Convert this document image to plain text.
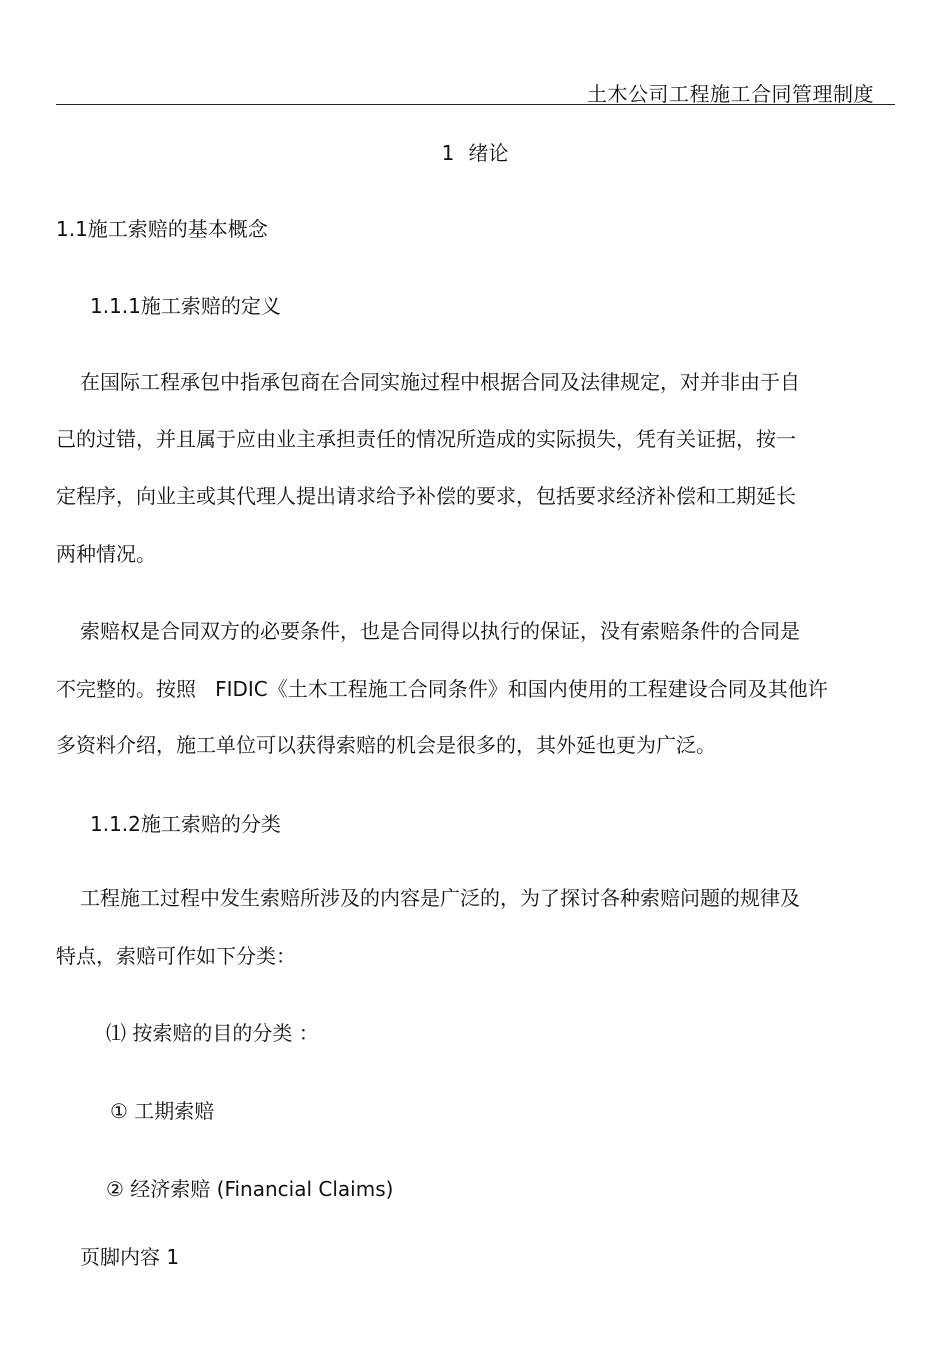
土木公司工程施工合同管理制度
1 绪论
1.1施工索赔的基本概念
1.1.1施工索赔的定义
在国际工程承包中指承包商在合同实施过程中根据合同及法律规定，对并非由于自
己的过错，并且属于应由业主承担责任的情况所造成的实际损失，凭有关证据，按一
定程序，向业主或其代理人提出请求给予补偿的要求，包括要求经济补偿和工期延长
两种情况。
索赔权是合同双方的必要条件，也是合同得以执行的保证，没有索赔条件的合同是
不完整的。按照   FIDIC《土木工程施工合同条件》和国内使用的工程建设合同及其他许
多资料介绍，施工单位可以获得索赔的机会是很多的，其外延也更为广泛。
1.1.2施工索赔的分类
工程施工过程中发生索赔所涉及的内容是广泛的，为了探讨各种索赔问题的规律及
特点，索赔可作如下分类：
⑴ 按索赔的目的分类 ：
① 工期索赔
② 经济索赔 (Financial Claims)
页脚内容 1
